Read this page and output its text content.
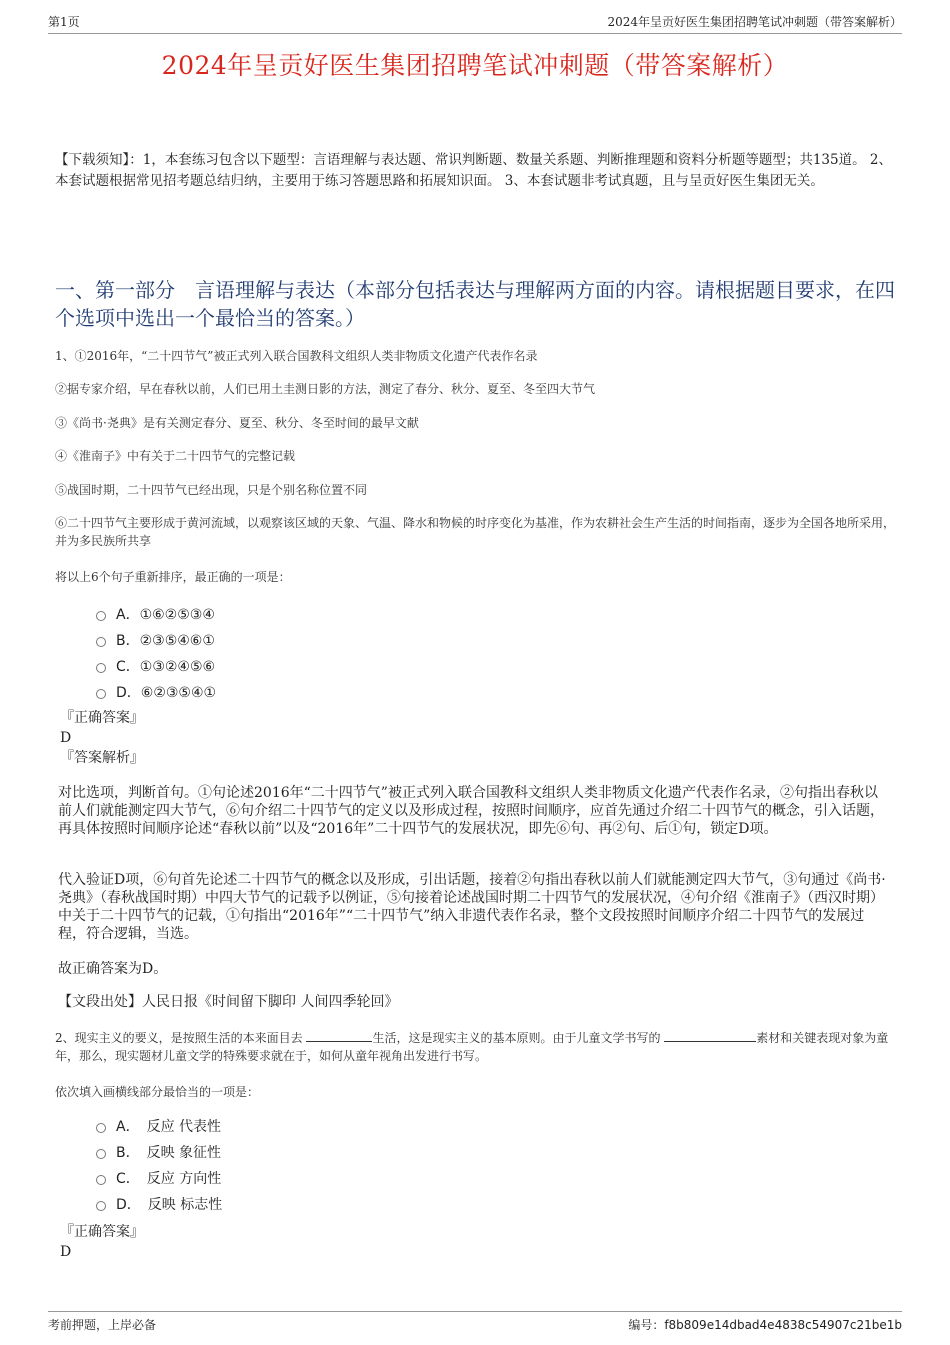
第1页	2024年呈贡好医生集团招聘笔试冲刺题（带答案解析）
2024年呈贡好医生集团招聘笔试冲刺题（带答案解析）
【下载须知】：1，本套练习包含以下题型：言语理解与表达题、常识判断题、数量关系题、判断推理题和资料分析题等题型；共135道。 2、本套试题根据常见招考题总结归纳，主要用于练习答题思路和拓展知识面。 3、本套试题非考试真题，且与呈贡好医生集团无关。
一、第一部分　言语理解与表达（本部分包括表达与理解两方面的内容。请根据题目要求，在四个选项中选出一个最恰当的答案。）
1、①2016年，“二十四节气”被正式列入联合国教科文组织人类非物质文化遗产代表作名录
②据专家介绍，早在春秋以前，人们已用土圭测日影的方法，测定了春分、秋分、夏至、冬至四大节气
③《尚书·尧典》是有关测定春分、夏至、秋分、冬至时间的最早文献
④《淮南子》中有关于二十四节气的完整记载
⑤战国时期，二十四节气已经出现，只是个别名称位置不同
⑥二十四节气主要形成于黄河流域，以观察该区域的天象、气温、降水和物候的时序变化为基准，作为农耕社会生产生活的时间指南，逐步为全国各地所采用，并为多民族所共享
将以上6个句子重新排序，最正确的一项是：
A．①⑥②⑤③④
B．②③⑤④⑥①
C．①③②④⑤⑥
D．⑥②③⑤④①
『正确答案』
D
『答案解析』
对比选项，判断首句。①句论述2016年“二十四节气”被正式列入联合国教科文组织人类非物质文化遗产代表作名录，②句指出春秋以前人们就能测定四大节气，⑥句介绍二十四节气的定义以及形成过程，按照时间顺序，应首先通过介绍二十四节气的概念，引入话题，再具体按照时间顺序论述“春秋以前”以及“2016年”二十四节气的发展状况，即先⑥句、再②句、后①句，锁定D项。
代入验证D项，⑥句首先论述二十四节气的概念以及形成，引出话题，接着②句指出春秋以前人们就能测定四大节气，③句通过《尚书·尧典》（春秋战国时期）中四大节气的记载予以例证，⑤句接着论述战国时期二十四节气的发展状况，④句介绍《淮南子》（西汉时期）中关于二十四节气的记载，①句指出“2016年”“二十四节气”纳入非遗代表作名录，整个文段按照时间顺序介绍二十四节气的发展过程，符合逻辑，当选。
故正确答案为D。
【文段出处】人民日报《时间留下脚印 人间四季轮回》
2、现实主义的要义，是按照生活的本来面目去	生活，这是现实主义的基本原则。由于儿童文学书写的	素材和关键表现对象为童年，那么，现实题材儿童文学的特殊要求就在于，如何从童年视角出发进行书写。
依次填入画横线部分最恰当的一项是：
A．　反应 代表性
B．　反映 象征性
C．　反应 方向性
D．　反映 标志性
『正确答案』
D
考前押题，上岸必备	编号：f8b809e14dbad4e4838c54907c21be1b
